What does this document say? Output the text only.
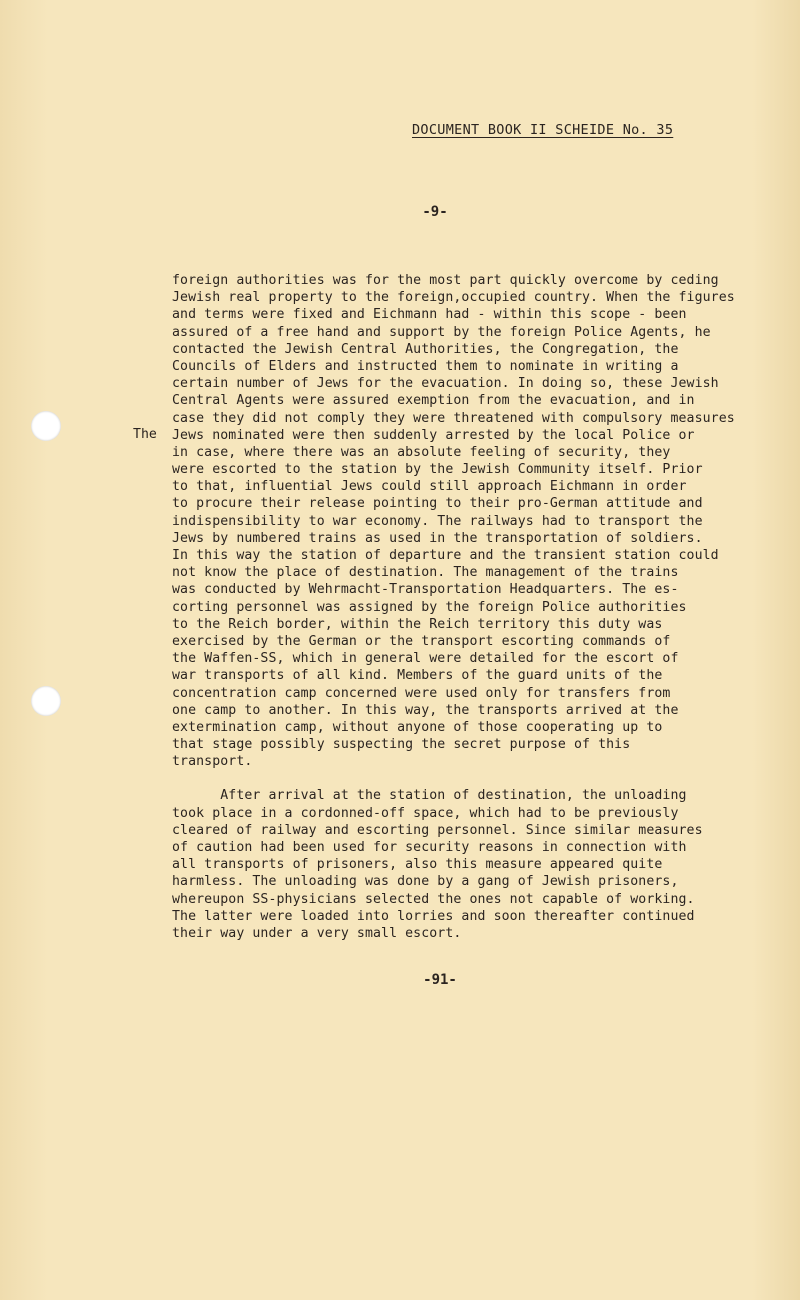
DOCUMENT BOOK II SCHEIDE No. 35
-9-
The
foreign authorities was for the most part quickly overcome by ceding
Jewish real property to the foreign,occupied country. When the figures
and terms were fixed and Eichmann had - within this scope - been
assured of a free hand and support by the foreign Police Agents, he
contacted the Jewish Central Authorities, the Congregation, the
Councils of Elders and instructed them to nominate in writing a
certain number of Jews for the evacuation. In doing so, these Jewish
Central Agents were assured exemption from the evacuation, and in
case they did not comply they were threatened with compulsory measures
Jews nominated were then suddenly arrested by the local Police or
in case, where there was an absolute feeling of security, they
were escorted to the station by the Jewish Community itself. Prior
to that, influential Jews could still approach Eichmann in order
to procure their release pointing to their pro-German attitude and
indispensibility to war economy. The railways had to transport the
Jews by numbered trains as used in the transportation of soldiers.
In this way the station of departure and the transient station could
not know the place of destination. The management of the trains
was conducted by Wehrmacht-Transportation Headquarters. The es-
corting personnel was assigned by the foreign Police authorities
to the Reich border, within the Reich territory this duty was
exercised by the German or the transport escorting commands of
the Waffen-SS, which in general were detailed for the escort of
war transports of all kind. Members of the guard units of the
concentration camp concerned were used only for transfers from
one camp to another. In this way, the transports arrived at the
extermination camp, without anyone of those cooperating up to
that stage possibly suspecting the secret purpose of this
transport.
After arrival at the station of destination, the unloading
took place in a cordonned-off space, which had to be previously
cleared of railway and escorting personnel. Since similar measures
of caution had been used for security reasons in connection with
all transports of prisoners, also this measure appeared quite
harmless. The unloading was done by a gang of Jewish prisoners,
whereupon SS-physicians selected the ones not capable of working.
The latter were loaded into lorries and soon thereafter continued
their way under a very small escort.
-91-
